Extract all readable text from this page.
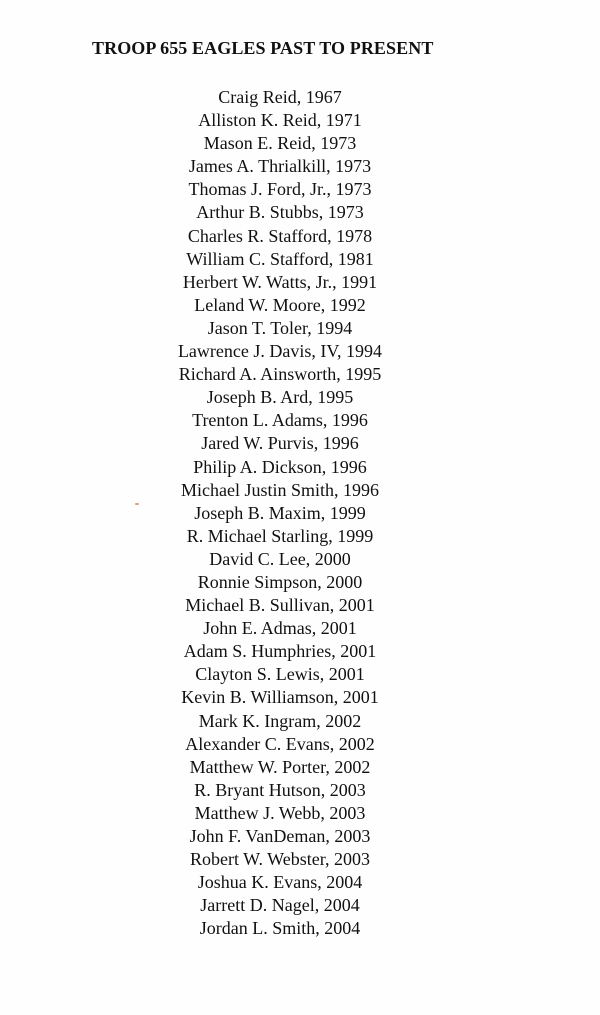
TROOP 655 EAGLES PAST TO PRESENT
Craig Reid, 1967
Alliston K. Reid, 1971
Mason E. Reid, 1973
James A. Thrialkill, 1973
Thomas J. Ford, Jr., 1973
Arthur B. Stubbs, 1973
Charles R. Stafford, 1978
William C. Stafford, 1981
Herbert W. Watts, Jr., 1991
Leland W. Moore, 1992
Jason T. Toler, 1994
Lawrence J. Davis, IV, 1994
Richard A. Ainsworth, 1995
Joseph B. Ard, 1995
Trenton L. Adams, 1996
Jared W. Purvis, 1996
Philip A. Dickson, 1996
Michael Justin Smith, 1996
Joseph B. Maxim, 1999
R. Michael Starling, 1999
David C. Lee, 2000
Ronnie Simpson, 2000
Michael B. Sullivan, 2001
John E. Admas, 2001
Adam S. Humphries, 2001
Clayton S. Lewis, 2001
Kevin B. Williamson, 2001
Mark K. Ingram, 2002
Alexander C. Evans, 2002
Matthew W. Porter, 2002
R. Bryant Hutson, 2003
Matthew J. Webb, 2003
John F. VanDeman, 2003
Robert W. Webster, 2003
Joshua K. Evans, 2004
Jarrett D. Nagel, 2004
Jordan L. Smith, 2004
